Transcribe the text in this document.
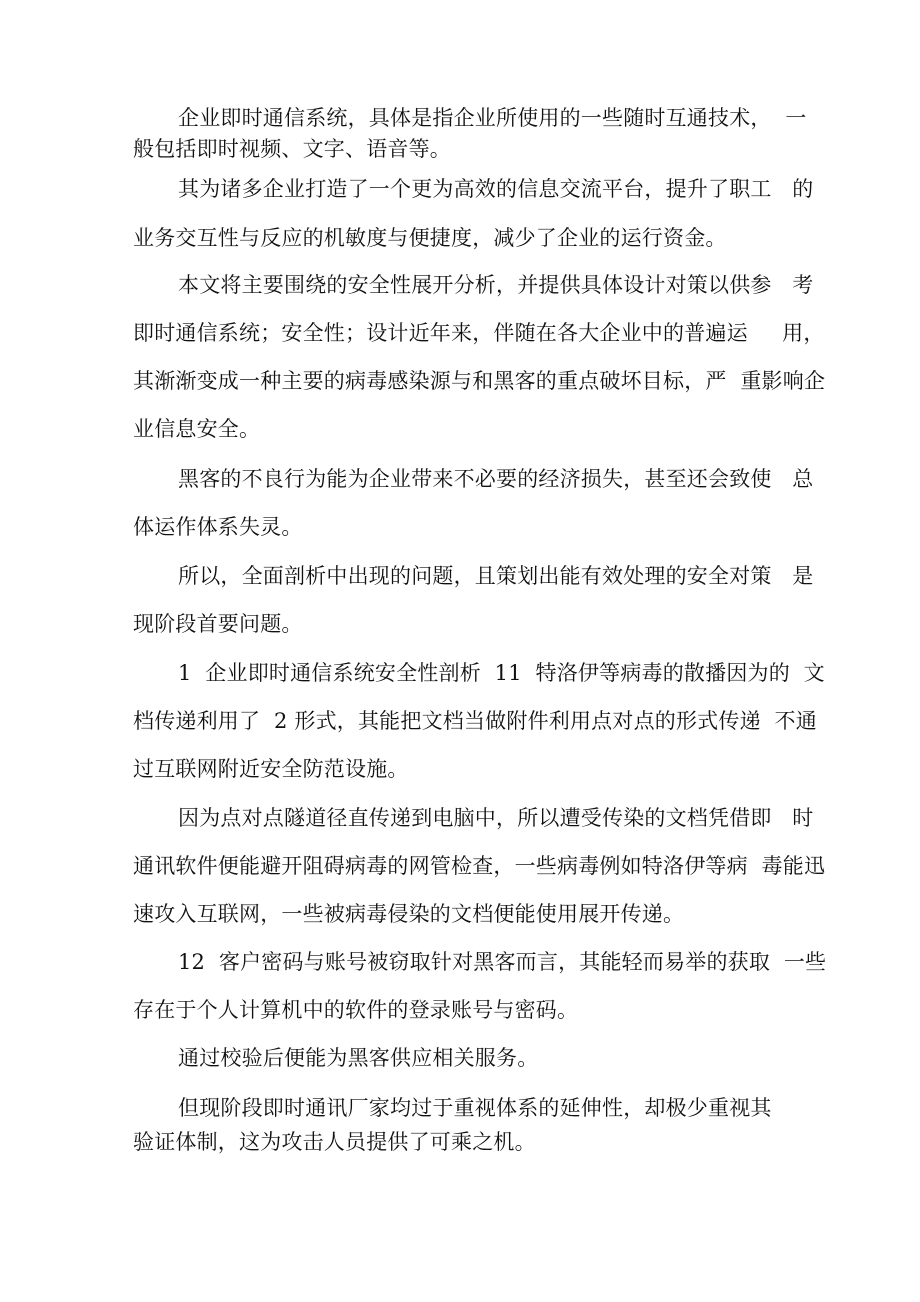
企业即时通信系统，具体是指企业所使用的一些随时互通技术，  一
般包括即时视频、文字、语音等。
其为诸多企业打造了一个更为高效的信息交流平台，提升了职工   的
业务交互性与反应的机敏度与便捷度，减少了企业的运行资金。
本文将主要围绕的安全性展开分析，并提供具体设计对策以供参   考
即时通信系统；安全性；设计近年来，伴随在各大企业中的普遍运     用，
其渐渐变成一种主要的病毒感染源与和黑客的重点破坏目标，严  重影响企
业信息安全。
黑客的不良行为能为企业带来不必要的经济损失，甚至还会致使   总
体运作体系失灵。
所以，全面剖析中出现的问题，且策划出能有效处理的安全对策   是
现阶段首要问题。
1  企业即时通信系统安全性剖析  11  特洛伊等病毒的散播因为的  文
档传递利用了  2 形式，其能把文档当做附件利用点对点的形式传递  不通
过互联网附近安全防范设施。
因为点对点隧道径直传递到电脑中，所以遭受传染的文档凭借即   时
通讯软件便能避开阻碍病毒的网管检查，一些病毒例如特洛伊等病  毒能迅
速攻入互联网，一些被病毒侵染的文档便能使用展开传递。
12  客户密码与账号被窃取针对黑客而言，其能轻而易举的获取  一些
存在于个人计算机中的软件的登录账号与密码。
通过校验后便能为黑客供应相关服务。
但现阶段即时通讯厂家均过于重视体系的延伸性，却极少重视其
验证体制，这为攻击人员提供了可乘之机。
